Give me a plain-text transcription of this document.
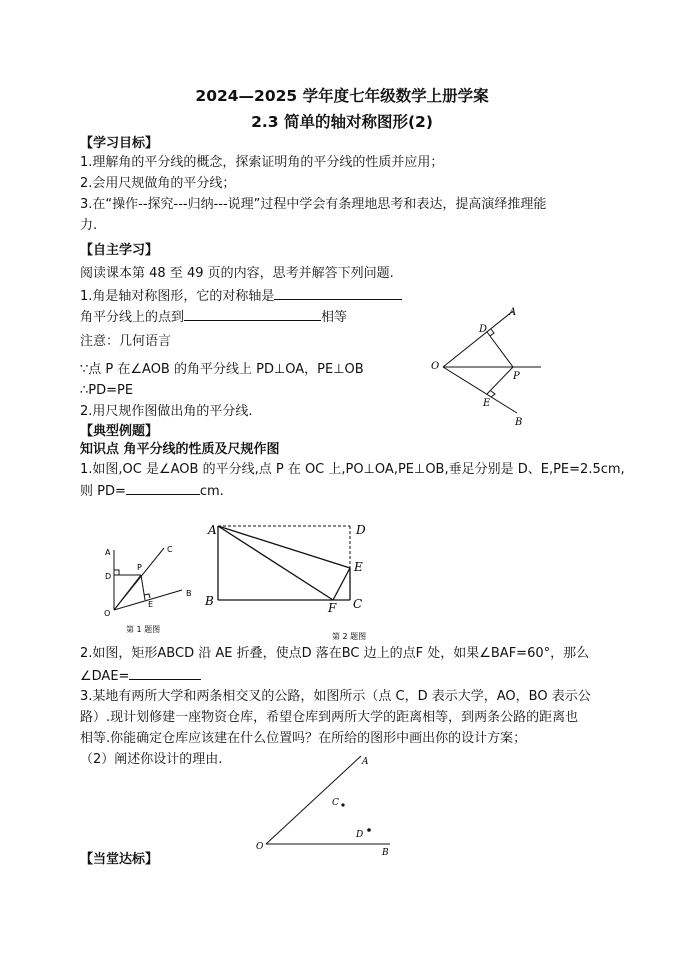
2024—2025 学年度七年级数学上册学案
2.3 简单的轴对称图形(2)
【学习目标】
1.理解角的平分线的概念，探索证明角的平分线的性质并应用；
2.会用尺规做角的平分线；
3.在“操作--探究---归纳---说理”过程中学会有条理地思考和表达，提高演绎推理能
力.
【自主学习】
阅读课本第 48 至 49 页的内容，思考并解答下列问题.
1.角是轴对称图形，它的对称轴是
角平分线上的点到	相等
注意：几何语言
∵点 P 在∠AOB 的角平分线上 PD⊥OA，PE⊥OB
∴PD=PE
2.用尺规作图做出角的平分线.
A
D
O
P
E
B
【典型例题】
知识点 角平分线的性质及尺规作图
1.如图,OC 是∠AOB 的平分线,点 P 在 OC 上,PO⊥OA,PE⊥OB,垂足分别是 D、E,PE=2.5cm,
则 PD=	cm.
A	C
D
P
E
B
O
第 1 题图
A	D
E
B	F C
第 2 题图
2.如图，矩形ABCD 沿 AE 折叠，使点D 落在BC 边上的点F 处，如果∠BAF=60°，那么
∠DAE=
3.某地有两所大学和两条相交叉的公路，如图所示（点 C，D 表示大学，AO，BO 表示公
路）.现计划修建一座物资仓库，希望仓库到两所大学的距离相等，到两条公路的距离也
相等.你能确定仓库应该建在什么位置吗？在所给的图形中画出你的设计方案；
（2）阐述你设计的理由.	A
C
D
O
B
【当堂达标】
